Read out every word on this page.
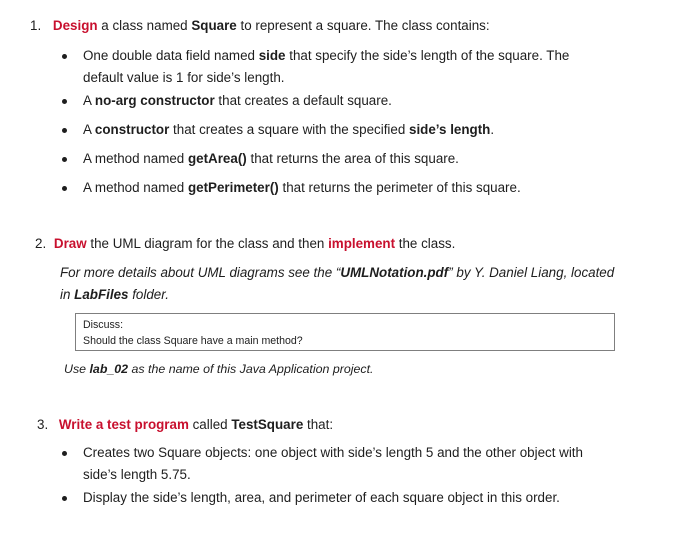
1. Design a class named Square to represent a square. The class contains:
One double data field named side that specify the side’s length of the square. The
default value is 1 for side’s length.
A no-arg constructor that creates a default square.
A constructor that creates a square with the specified side’s length.
A method named getArea() that returns the area of this square.
A method named getPerimeter() that returns the perimeter of this square.
2. Draw the UML diagram for the class and then implement the class.
For more details about UML diagrams see the “UMLNotation.pdf” by Y. Daniel Liang, located
in LabFiles folder.
Discuss:
Should the class Square have a main method?
Use lab_02 as the name of this Java Application project.
3. Write a test program called TestSquare that:
Creates two Square objects: one object with side’s length 5 and the other object with
side’s length 5.75.
Display the side’s length, area, and perimeter of each square object in this order.
